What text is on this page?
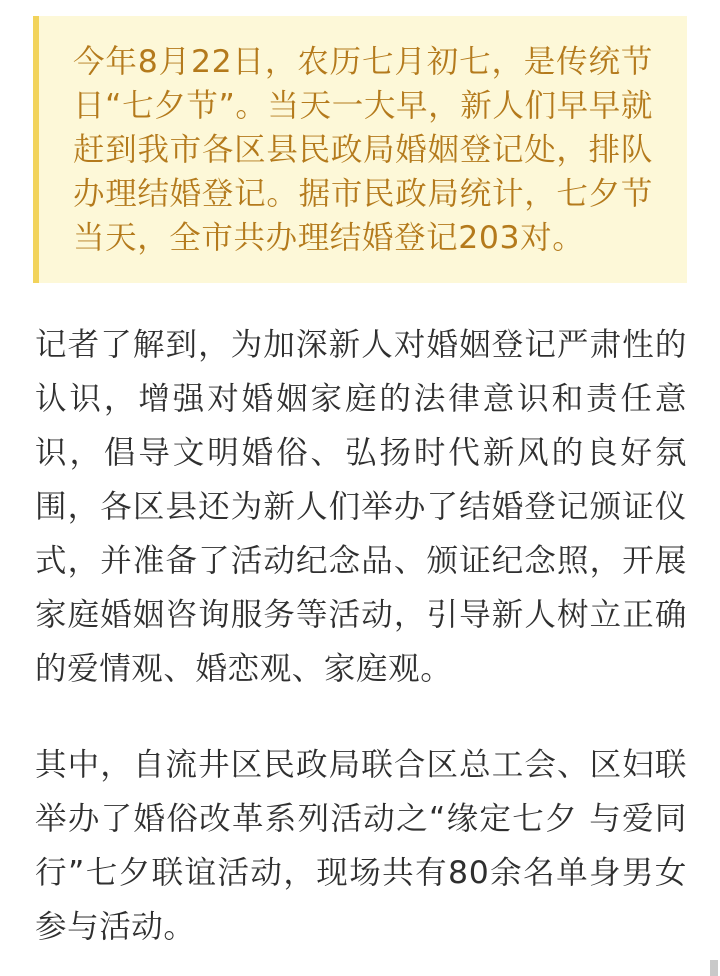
今年8月22日，农历七月初七，是传统节日“七夕节”。当天一大早，新人们早早就赶到我市各区县民政局婚姻登记处，排队办理结婚登记。据市民政局统计，七夕节当天，全市共办理结婚登记203对。

记者了解到，为加深新人对婚姻登记严肃性的认识，增强对婚姻家庭的法律意识和责任意识，倡导文明婚俗、弘扬时代新风的良好氛围，各区县还为新人们举办了结婚登记颁证仪式，并准备了活动纪念品、颁证纪念照，开展家庭婚姻咨询服务等活动，引导新人树立正确的爱情观、婚恋观、家庭观。

其中，自流井区民政局联合区总工会、区妇联举办了婚俗改革系列活动之“缘定七夕 与爱同行”七夕联谊活动，现场共有80余名单身男女参与活动。
